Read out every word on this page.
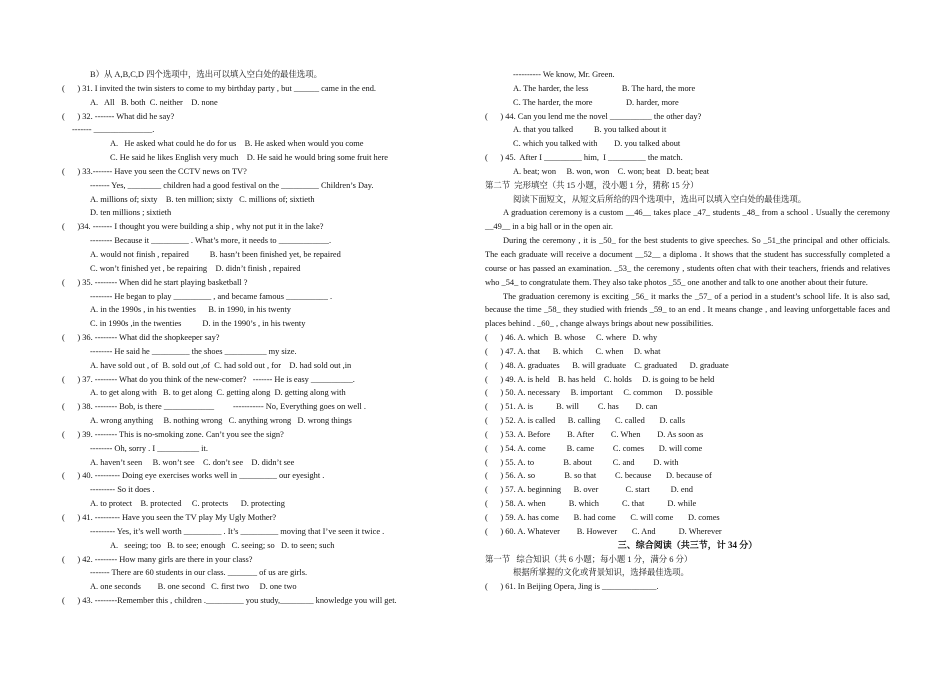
B）从 A,B,C,D 四个选项中，选出可以填入空白处的最佳选项。
(      ) 31. I invited the twin sisters to come to my birthday party , but ______ came in the end.
A.   All   B. both  C. neither    D. none
(      ) 32. ------- What did he say?
------- ______________.
A.   He asked what could he do for us    B. He asked when would you come
C. He said he likes English very much    D. He said he would bring some fruit here
(      ) 33.------- Have you seen the CCTV news on TV?
------- Yes, ________ children had a good festival on the _________ Children’s Day.
A. millions of; sixty    B. ten million; sixty   C. millions of; sixtieth
D. ten millions ; sixtieth
(      )34. ------- I thought you were building a ship , why not put it in the lake?
-------- Because it _________ . What’s more, it needs to ____________.
A. would not finish , repaired          B. hasn’t been finished yet, be repaired
C. won’t finished yet , be repairing    D. didn’t finish , repaired
(      ) 35. -------- When did he start playing basketball ?
-------- He began to play _________ , and became famous __________ .
A. in the 1990s , in his twenties      B. in 1990, in his twenty
C. in 1990s ,in the twenties          D. in the 1990’s , in his twenty
(      ) 36. -------- What did the shopkeeper say?
-------- He said he _________ the shoes __________ my size.
A. have sold out , of  B. sold out ,of  C. had sold out , for    D. had sold out ,in
(      ) 37. -------- What do you think of the new-comer?   ------- He is easy __________.
A. to get along with   B. to get along  C. getting along  D. getting along with
(      ) 38. -------- Bob, is there ____________         ----------- No, Everything goes on well .
A. wrong anything     B. nothing wrong   C. anything wrong   D. wrong things
(      ) 39. -------- This is no-smoking zone. Can’t you see the sign?
-------- Oh, sorry . I __________ it.
A. haven’t seen     B. won’t see    C. don’t see    D. didn’t see
(      ) 40. --------- Doing eye exercises works well in _________ our eyesight .
--------- So it does .
A. to protect    B. protected     C. protects      D. protecting
(      ) 41. --------- Have you seen the TV play My Ugly Mother?
--------- Yes, it’s well worth _________ . It’s _________ moving that I’ve seen it twice .
A.   seeing; too   B. to see; enough   C. seeing; so   D. to seen; such
(      ) 42. -------- How many girls are there in your class?
------- There are 60 students in our class. _______ of us are girls.
A. one seconds        B. one second   C. first two     D. one two
(      ) 43. --------Remember this , children ._________ you study,________ knowledge you will get.
---------- We know, Mr. Green.
A. The harder, the less                B. The hard, the more
C. The harder, the more                D. harder, more
(      ) 44. Can you lend me the novel __________ the other day?
A. that you talked          B. you talked about it
C. which you talked with        D. you talked about
(      ) 45.  After I _________ him,  I _________ the match.
A. beat; won     B. won, won    C. won; beat   D. beat; beat
第二节  完形填空（共 15 小题，没小题 1 分，猜称 15 分）
阅读下面短文，从短文后所给的四个选项中，选出可以填入空白处的最佳选项。

A graduation ceremony is a custom __46__ takes place _47_ students _48_ from a school . Usually the ceremony __49__ in a big hall or in the open air.

During the ceremony , it is _50_ for the best students to give speeches. So _51_the principal and other officials. The each graduate will receive a document __52__ a diploma . It shows that the student has successfully completed a course or has passed an examination. _53_ the ceremony , students often chat with their teachers, friends and relatives who _54_ to congratulate them. They also take photos _55_ one another and talk to one another about their future.

The graduation ceremony is exciting _56_ it marks the _57_ of a period in a student’s school life. It is also sad, because the time _58_ they studied with friends _59_ to an end . It means change , and leaving unforgettable faces and places behind . _60_ , change always brings about new possibilities.

(      ) 46. A. which   B. whose     C. where   D. why
(      ) 47. A. that      B. which      C. when     D. what
(      ) 48. A. graduates      B. will graduate    C. graduated      D. graduate
(      ) 49. A. is held    B. has held    C. holds     D. is going to be held
(      ) 50. A. necessary     B. important     C. common      D. possible
(      ) 51. A. is           B. will         C. has        D. can
(      ) 52. A. is called      B. calling       C. called       D. calls
(      ) 53. A. Before        B. After        C. When        D. As soon as
(      ) 54. A. come          B. came         C. comes       D. will come
(      ) 55. A. to              B. about          C. and         D. with
(      ) 56. A. so              B. so that         C. because       D. because of
(      ) 57. A. beginning      B. over             C. start          D. end
(      ) 58. A. when           B. which           C. that           D. while
(      ) 59. A. has come       B. had come       C. will come       D. comes
(      ) 60. A. Whatever        B. However       C. And           D. Wherever
三、综合阅读（共三节，计 34 分）
第一节   综合知识（共 6 小题；每小题 1 分，满分 6 分）
根据所掌握的文化或背景知识，选择最佳选项。
(      ) 61. In Beijing Opera, Jing is _____________.
